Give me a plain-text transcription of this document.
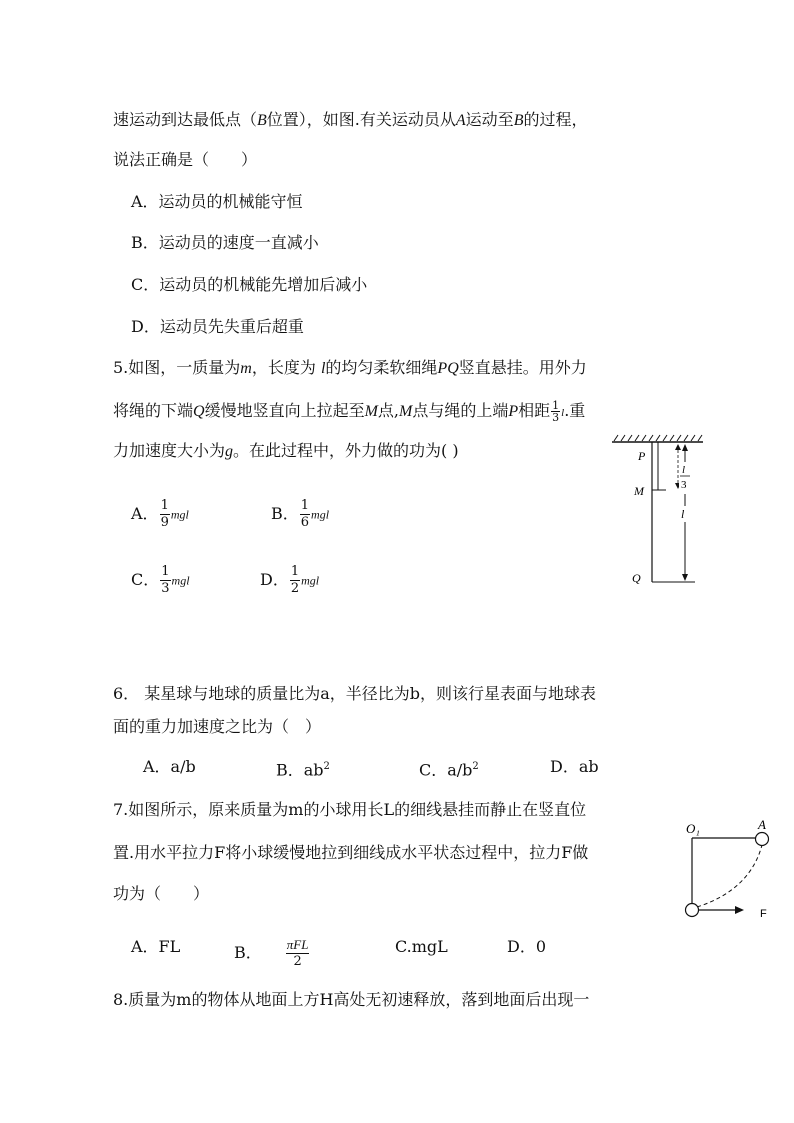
速运动到达最低点（B位置），如图.有关运动员从A运动至B的过程，
说法正确是（　　）
A．运动员的机械能守恒
B．运动员的速度一直减小
C．运动员的机械能先增加后减小
D．运动员先失重后超重
5.如图，一质量为m，长度为 l的均匀柔软细绳PQ竖直悬挂。用外力
将绳的下端Q缓慢地竖直向上拉起至M点,M点与绳的上端P相距 $\frac{1}{3} l$.重
力加速度大小为g。在此过程中，外力做的功为( )
A． $\frac{1}{9}$ mgl	B． $\frac{1}{6}$ mgl
C． $\frac{1}{3}$ mgl	D． $\frac{1}{2}$ mgl
P
M
Q
l
3
l
6． 某星球与地球的质量比为a，半径比为b，则该行星表面与地球表
面的重力加速度之比为（　）
A．a/b	B．$ab^2$	C．$a/b^2$	D．ab
7.如图所示，原来质量为m的小球用长L的细线悬挂而静止在竖直位
置.用水平拉力F将小球缓慢地拉到细线成水平状态过程中，拉力F做
功为（　　）
A．FL	B． $\frac{\text{πFL}}{2}$	C.mgL	D．0
O₁	A
F
8.质量为m的物体从地面上方H高处无初速释放，落到地面后出现一
